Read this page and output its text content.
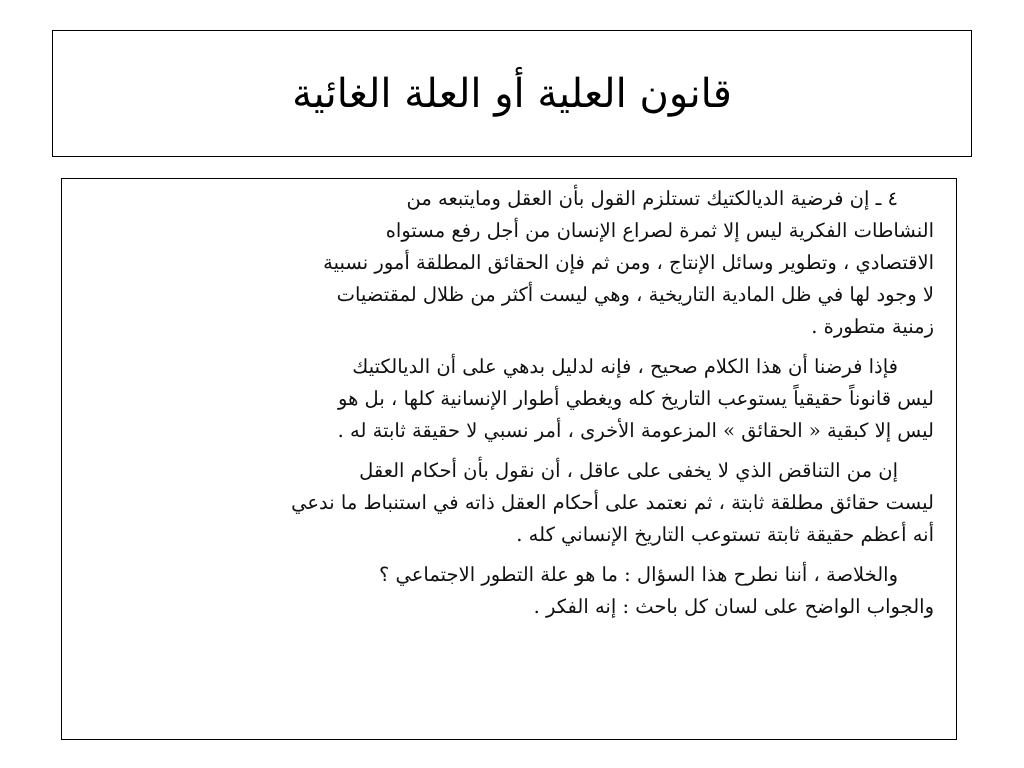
قانون العلية أو العلة الغائية
٤ ـ إن فرضية الديالكتيك تستلزم القول بأن العقل ومايتبعه من
النشاطات الفكرية ليس إلا ثمرة لصراع الإنسان من أجل رفع مستواه
الاقتصادي ، وتطوير وسائل الإنتاج ، ومن ثم فإن الحقائق المطلقة أمور نسبية
لا وجود لها في ظل المادية التاريخية ، وهي ليست أكثر من ظلال لمقتضيات
زمنية متطورة .
فإذا فرضنا أن هذا الكلام صحيح ، فإنه لدليل بدهي على أن الديالكتيك
ليس قانوناً حقيقياً يستوعب التاريخ كله ويغطي أطوار الإنسانية كلها ، بل هو
ليس إلا كبقية « الحقائق » المزعومة الأخرى ، أمر نسبي لا حقيقة ثابتة له .
إن من التناقض الذي لا يخفى على عاقل ، أن نقول بأن أحكام العقل
ليست حقائق مطلقة ثابتة ، ثم نعتمد على أحكام العقل ذاته في استنباط ما ندعي
أنه أعظم حقيقة ثابتة تستوعب التاريخ الإنساني كله .
والخلاصة ، أننا نطرح هذا السؤال : ما هو علة التطور الاجتماعي ؟
والجواب الواضح على لسان كل باحث : إنه الفكر .
